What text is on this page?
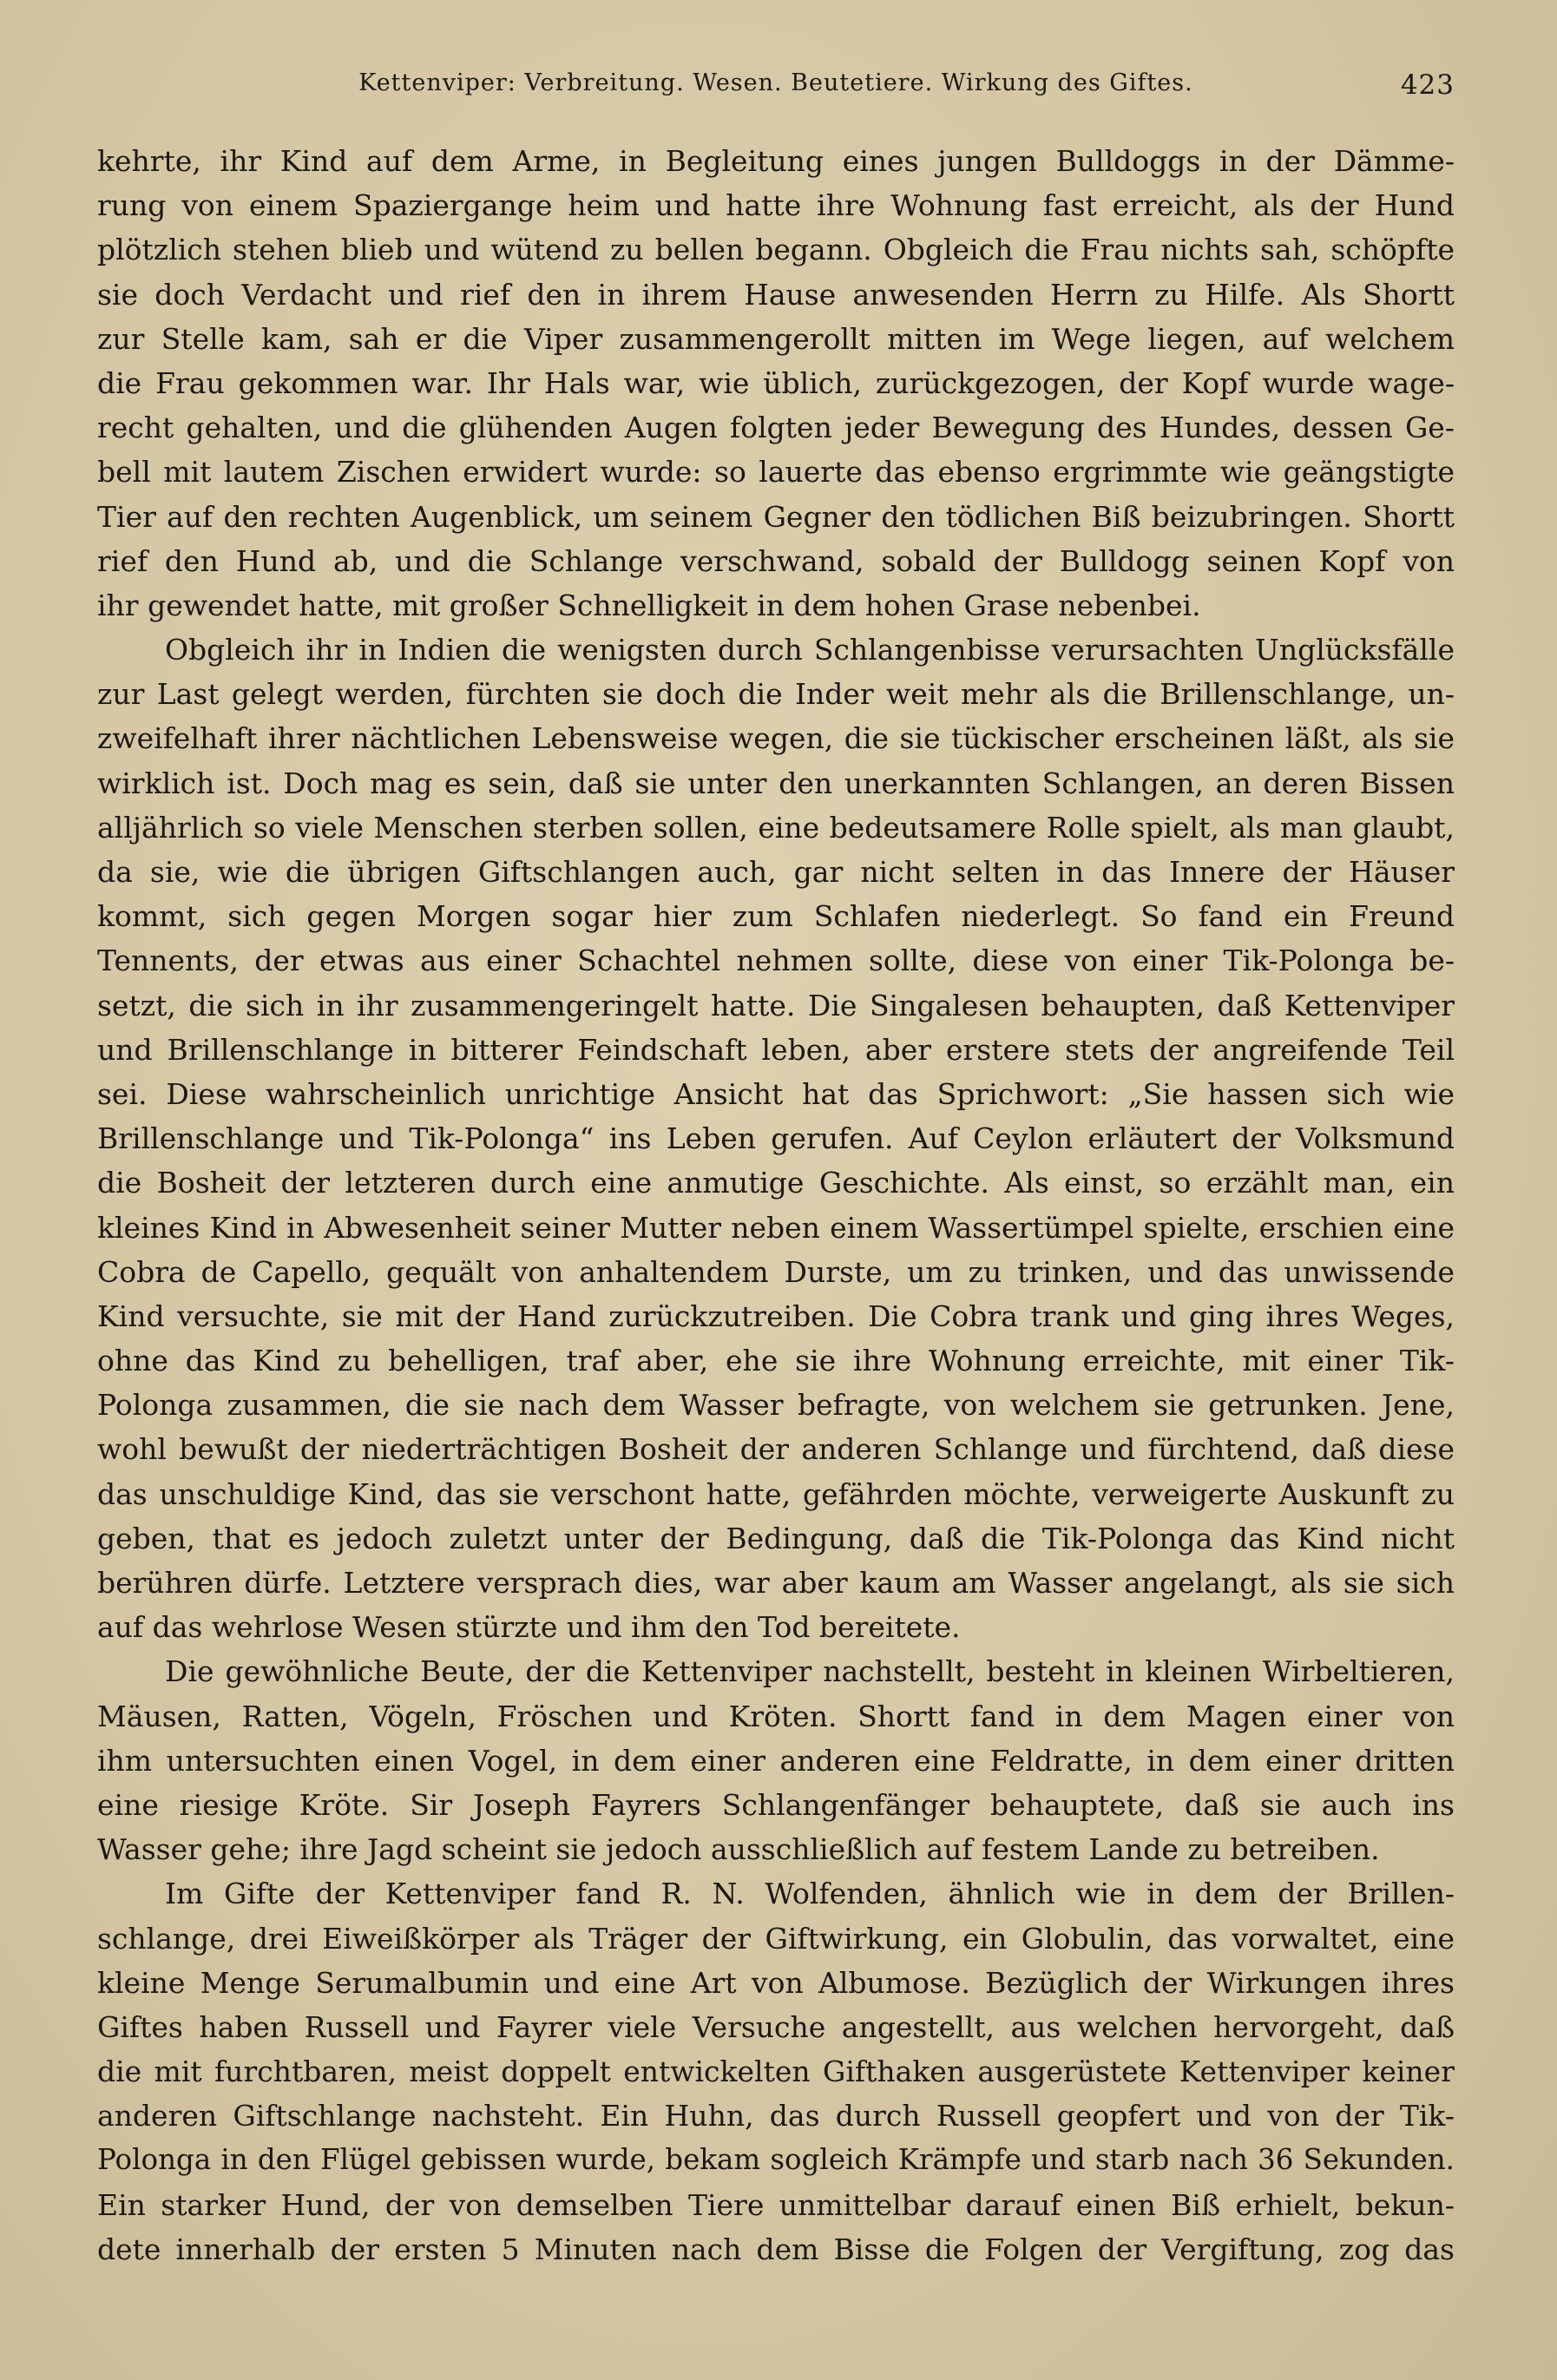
Kettenviper: Verbreitung. Wesen. Beutetiere. Wirkung des Giftes.	423
kehrte, ihr Kind auf dem Arme, in Begleitung eines jungen Bulldoggs in der Dämme-
rung von einem Spaziergange heim und hatte ihre Wohnung fast erreicht, als der Hund
plötzlich stehen blieb und wütend zu bellen begann. Obgleich die Frau nichts sah, schöpfte
sie doch Verdacht und rief den in ihrem Hause anwesenden Herrn zu Hilfe. Als Shortt
zur Stelle kam, sah er die Viper zusammengerollt mitten im Wege liegen, auf welchem
die Frau gekommen war. Ihr Hals war, wie üblich, zurückgezogen, der Kopf wurde wage-
recht gehalten, und die glühenden Augen folgten jeder Bewegung des Hundes, dessen Ge-
bell mit lautem Zischen erwidert wurde: so lauerte das ebenso ergrimmte wie geängstigte
Tier auf den rechten Augenblick, um seinem Gegner den tödlichen Biß beizubringen. Shortt
rief den Hund ab, und die Schlange verschwand, sobald der Bulldogg seinen Kopf von
ihr gewendet hatte, mit großer Schnelligkeit in dem hohen Grase nebenbei.
Obgleich ihr in Indien die wenigsten durch Schlangenbisse verursachten Unglücksfälle
zur Last gelegt werden, fürchten sie doch die Inder weit mehr als die Brillenschlange, un-
zweifelhaft ihrer nächtlichen Lebensweise wegen, die sie tückischer erscheinen läßt, als sie
wirklich ist. Doch mag es sein, daß sie unter den unerkannten Schlangen, an deren Bissen
alljährlich so viele Menschen sterben sollen, eine bedeutsamere Rolle spielt, als man glaubt,
da sie, wie die übrigen Giftschlangen auch, gar nicht selten in das Innere der Häuser
kommt, sich gegen Morgen sogar hier zum Schlafen niederlegt. So fand ein Freund
Tennents, der etwas aus einer Schachtel nehmen sollte, diese von einer Tik-Polonga be-
setzt, die sich in ihr zusammengeringelt hatte. Die Singalesen behaupten, daß Kettenviper
und Brillenschlange in bitterer Feindschaft leben, aber erstere stets der angreifende Teil
sei. Diese wahrscheinlich unrichtige Ansicht hat das Sprichwort: „Sie hassen sich wie
Brillenschlange und Tik-Polonga“ ins Leben gerufen. Auf Ceylon erläutert der Volksmund
die Bosheit der letzteren durch eine anmutige Geschichte. Als einst, so erzählt man, ein
kleines Kind in Abwesenheit seiner Mutter neben einem Wassertümpel spielte, erschien eine
Cobra de Capello, gequält von anhaltendem Durste, um zu trinken, und das unwissende
Kind versuchte, sie mit der Hand zurückzutreiben. Die Cobra trank und ging ihres Weges,
ohne das Kind zu behelligen, traf aber, ehe sie ihre Wohnung erreichte, mit einer Tik-
Polonga zusammen, die sie nach dem Wasser befragte, von welchem sie getrunken. Jene,
wohl bewußt der niederträchtigen Bosheit der anderen Schlange und fürchtend, daß diese
das unschuldige Kind, das sie verschont hatte, gefährden möchte, verweigerte Auskunft zu
geben, that es jedoch zuletzt unter der Bedingung, daß die Tik-Polonga das Kind nicht
berühren dürfe. Letztere versprach dies, war aber kaum am Wasser angelangt, als sie sich
auf das wehrlose Wesen stürzte und ihm den Tod bereitete.
Die gewöhnliche Beute, der die Kettenviper nachstellt, besteht in kleinen Wirbeltieren,
Mäusen, Ratten, Vögeln, Fröschen und Kröten. Shortt fand in dem Magen einer von
ihm untersuchten einen Vogel, in dem einer anderen eine Feldratte, in dem einer dritten
eine riesige Kröte. Sir Joseph Fayrers Schlangenfänger behauptete, daß sie auch ins
Wasser gehe; ihre Jagd scheint sie jedoch ausschließlich auf festem Lande zu betreiben.
Im Gifte der Kettenviper fand R. N. Wolfenden, ähnlich wie in dem der Brillen-
schlange, drei Eiweißkörper als Träger der Giftwirkung, ein Globulin, das vorwaltet, eine
kleine Menge Serumalbumin und eine Art von Albumose. Bezüglich der Wirkungen ihres
Giftes haben Russell und Fayrer viele Versuche angestellt, aus welchen hervorgeht, daß
die mit furchtbaren, meist doppelt entwickelten Gifthaken ausgerüstete Kettenviper keiner
anderen Giftschlange nachsteht. Ein Huhn, das durch Russell geopfert und von der Tik-
Polonga in den Flügel gebissen wurde, bekam sogleich Krämpfe und starb nach 36 Sekunden.
Ein starker Hund, der von demselben Tiere unmittelbar darauf einen Biß erhielt, bekun-
dete innerhalb der ersten 5 Minuten nach dem Bisse die Folgen der Vergiftung, zog das
